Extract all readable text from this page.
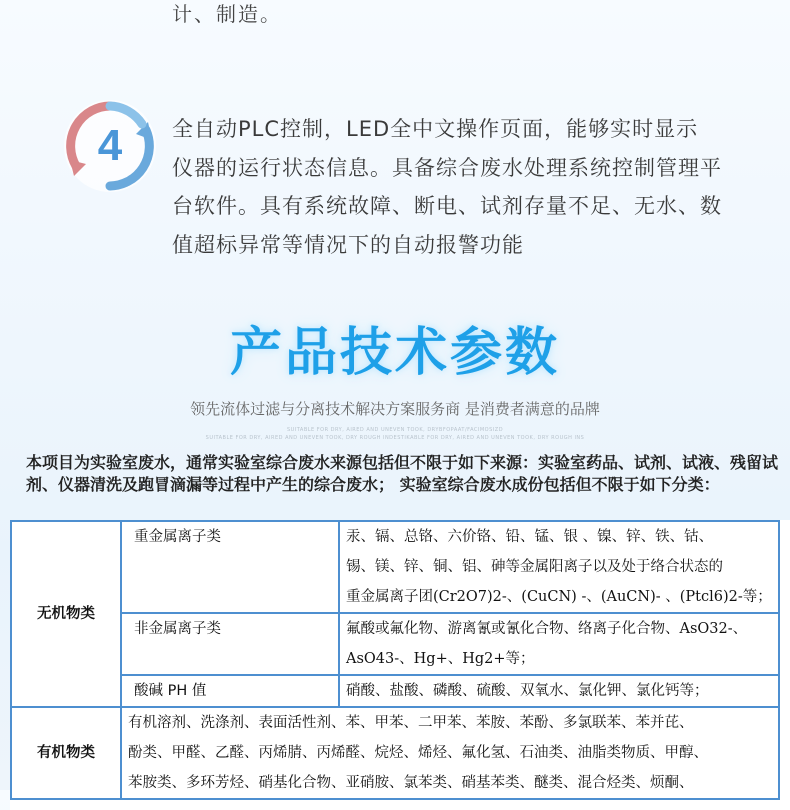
计、制造。
4 全自动PLC控制，LED全中文操作页面，能够实时显示

仪器的运行状态信息。具备综合废水处理系统控制管理平

台软件。具有系统故障、断电、试剂存量不足、无水、数

值超标异常等情况下的自动报警功能

产品技术参数
领先流体过滤与分离技术解决方案服务商 是消费者满意的品牌
SUITABLE FOR DRY, AIRED AND UNEVEN TOOK, DRYBFOPAAT/FACIMOSIZD
SUITABLE FOR DRY, AIRED AND UNEVEN TOOK, DRY ROUGH INDESTIKABLE FOR DRY, AIRED AND UNEVEN TOOK, DRY ROUGH INS
本项目为实验室废水，通常实验室综合废水来源包括但不限于如下来源：实验室药品、试剂、试液、残留试剂、仪器清洗及跑冒滴漏等过程中产生的综合废水； 实验室综合废水成份包括但不限于如下分类：
无机物类	重金属离子类	汞、镉、总铬、六价铬、铅、锰、银 、镍、锌、铁、钴、
锡、镁、锌、铜、铝、砷等金属阳离子以及处于络合状态的
重金属离子团(Cr2O7)2-、(CuCN) -、(AuCN)- 、(Ptcl6)2-等；

	非金属离子类	氟酸或氟化物、游离氰或氰化合物、络离子化合物、AsO32-、
AsO43-、Hg+、Hg2+等；

	酸碱 PH 值	硝酸、盐酸、磷酸、硫酸、双氧水、氯化钾、氯化钙等；

有机物类	有机溶剂、洗涤剂、表面活性剂、苯、甲苯、二甲苯、苯胺、苯酚、多氯联苯、苯并芘、
酚类、甲醛、乙醛、丙烯腈、丙烯醛、烷烃、烯烃、氟化氢、石油类、油脂类物质、甲醇、
苯胺类、多环芳烃、硝基化合物、亚硝胺、氯苯类、硝基苯类、醚类、混合烃类、烦酮、	
